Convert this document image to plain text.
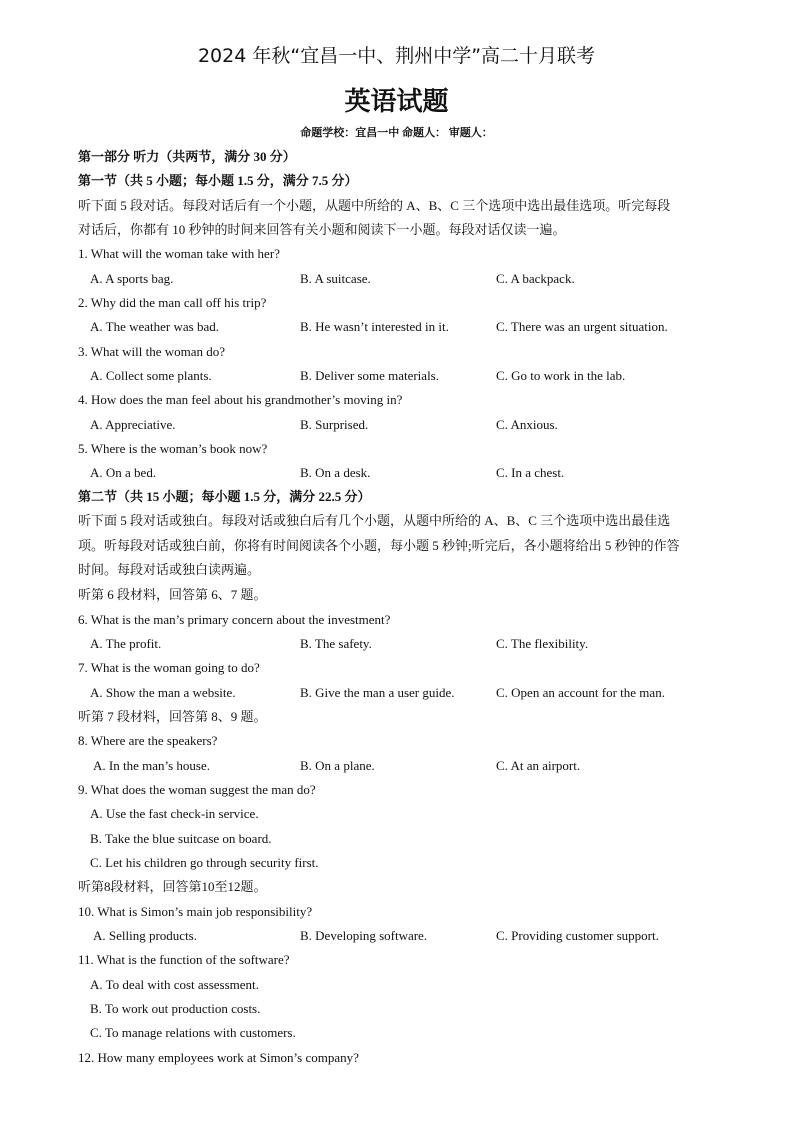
2024 年秋“宜昌一中、荆州中学”高二十月联考
英语试题
命题学校：宜昌一中 命题人： 审题人：
第一部分 听力（共两节，满分 30 分）
第一节（共 5 小题；每小题 1.5 分，满分 7.5 分）
听下面 5 段对话。每段对话后有一个小题，从题中所给的 A、B、C 三个选项中选出最佳选项。听完每段
对话后，你都有 10 秒钟的时间来回答有关小题和阅读下一小题。每段对话仅读一遍。
1. What will the woman take with her?
A. A sports bag.	B. A suitcase.	C. A backpack.
2. Why did the man call off his trip?
A. The weather was bad.	B. He wasn’t interested in it.	C. There was an urgent situation.
3. What will the woman do?
A. Collect some plants.	B. Deliver some materials.	C. Go to work in the lab.
4. How does the man feel about his grandmother’s moving in?
A. Appreciative.	B. Surprised.	C. Anxious.
5. Where is the woman’s book now?
A. On a bed.	B. On a desk.	C. In a chest.
第二节（共 15 小题；每小题 1.5 分，满分 22.5 分）
听下面 5 段对话或独白。每段对话或独白后有几个小题，从题中所给的 A、B、C 三个选项中选出最佳选
项。听每段对话或独白前，你将有时间阅读各个小题，每小题 5 秒钟;听完后，各小题将给出 5 秒钟的作答
时间。每段对话或独白读两遍。
听第 6 段材料，回答第 6、7 题。
6. What is the man’s primary concern about the investment?
A. The profit.	B. The safety.	C. The flexibility.
7. What is the woman going to do?
A. Show the man a website.	B. Give the man a user guide.	C. Open an account for the man.
听第 7 段材料，回答第 8、9 题。
8. Where are the speakers?
A. In the man’s house.	B. On a plane.	C. At an airport.
9. What does the woman suggest the man do?
A. Use the fast check-in service.
B. Take the blue suitcase on board.
C. Let his children go through security first.
听第8段材料，回答第10至12题。
10. What is Simon’s main job responsibility?
A. Selling products.	B. Developing software.	C. Providing customer support.
11. What is the function of the software?
A. To deal with cost assessment.
B. To work out production costs.
C. To manage relations with customers.
12. How many employees work at Simon’s company?
